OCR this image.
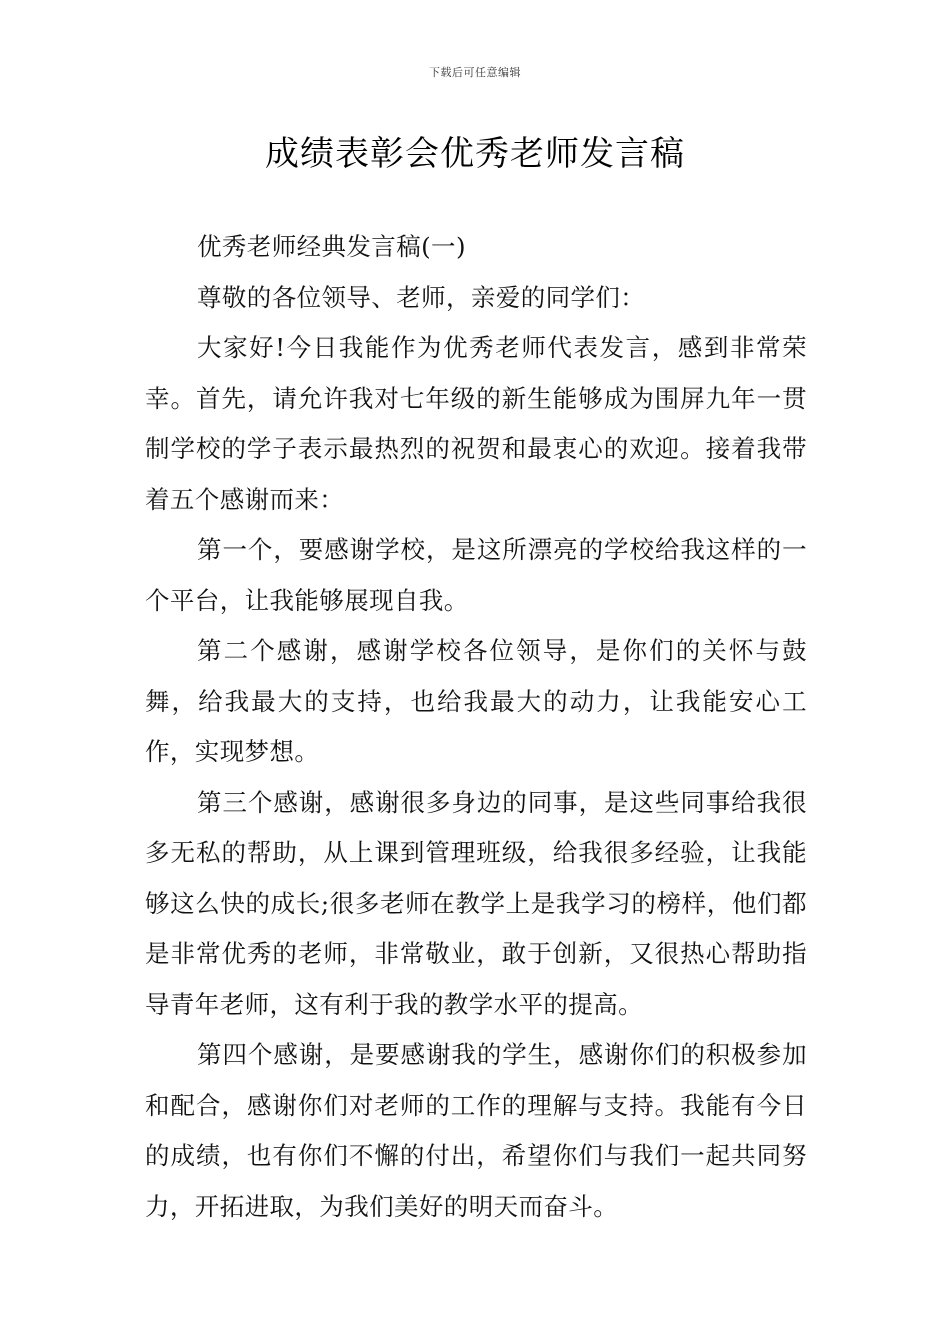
下载后可任意编辑
成绩表彰会优秀老师发言稿

优秀老师经典发言稿(一)

尊敬的各位领导、老师，亲爱的同学们：

大家好!今日我能作为优秀老师代表发言，感到非常荣幸。首先，请允许我对七年级的新生能够成为围屏九年一贯制学校的学子表示最热烈的祝贺和最衷心的欢迎。接着我带着五个感谢而来：

第一个，要感谢学校，是这所漂亮的学校给我这样的一个平台，让我能够展现自我。

第二个感谢，感谢学校各位领导，是你们的关怀与鼓舞，给我最大的支持，也给我最大的动力，让我能安心工作，实现梦想。

第三个感谢，感谢很多身边的同事，是这些同事给我很多无私的帮助，从上课到管理班级，给我很多经验，让我能够这么快的成长;很多老师在教学上是我学习的榜样，他们都是非常优秀的老师，非常敬业，敢于创新，又很热心帮助指导青年老师，这有利于我的教学水平的提高。

第四个感谢，是要感谢我的学生，感谢你们的积极参加和配合，感谢你们对老师的工作的理解与支持。我能有今日的成绩，也有你们不懈的付出，希望你们与我们一起共同努力，开拓进取，为我们美好的明天而奋斗。
